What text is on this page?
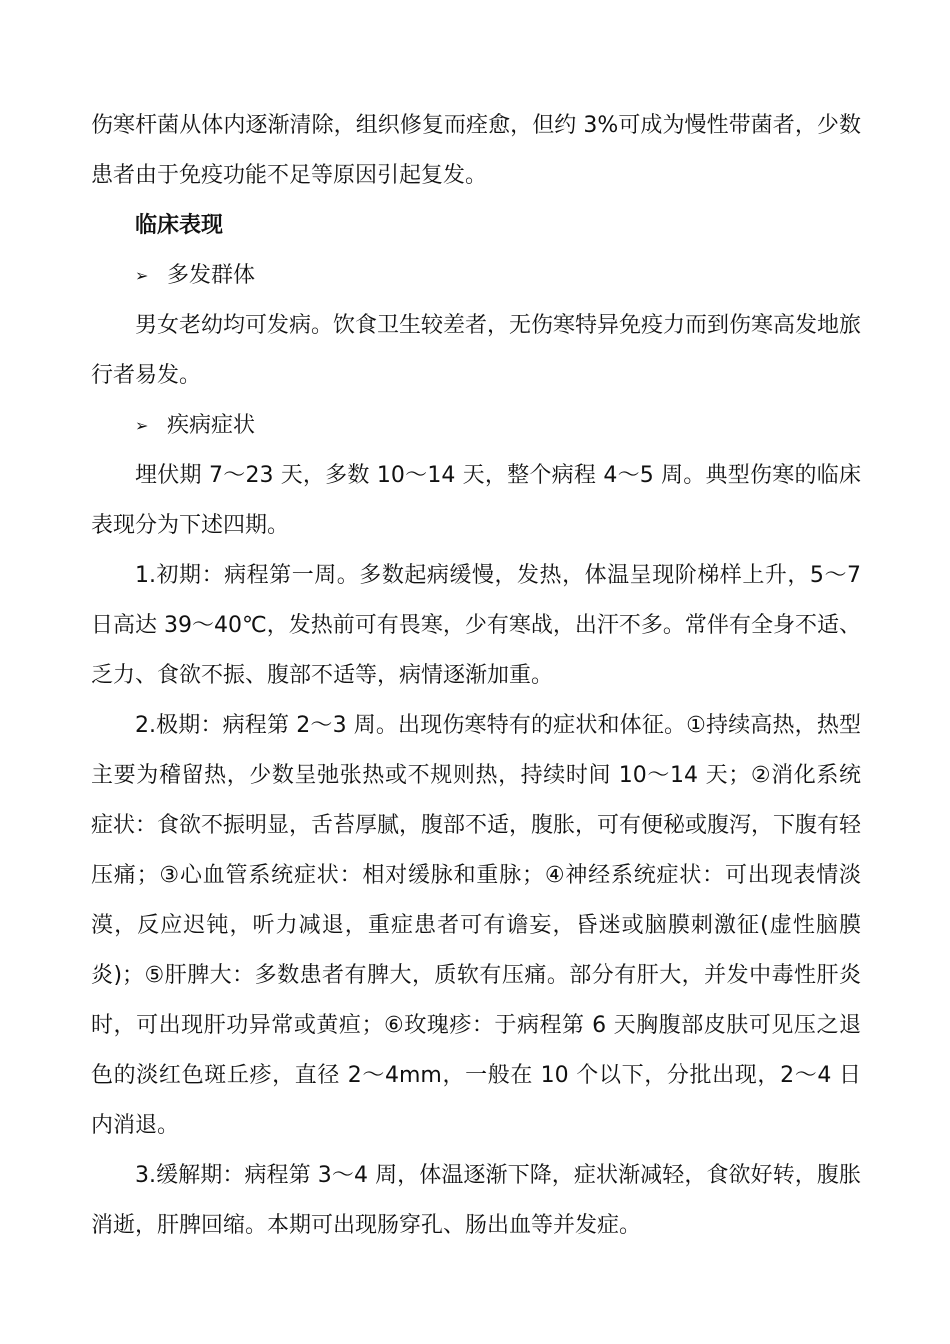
伤寒杆菌从体内逐渐清除，组织修复而痊愈，但约 3%可成为慢性带菌者，少数患者由于免疫功能不足等原因引起复发。

临床表现

➢ 多发群体

男女老幼均可发病。饮食卫生较差者，无伤寒特异免疫力而到伤寒高发地旅行者易发。

➢ 疾病症状

埋伏期 7～23 天，多数 10～14 天，整个病程 4～5 周。典型伤寒的临床表现分为下述四期。

1.初期：病程第一周。多数起病缓慢，发热，体温呈现阶梯样上升，5～7 日高达 39～40℃，发热前可有畏寒，少有寒战，出汗不多。常伴有全身不适、乏力、食欲不振、腹部不适等，病情逐渐加重。

2.极期：病程第 2～3 周。出现伤寒特有的症状和体征。①持续高热，热型主要为稽留热，少数呈弛张热或不规则热，持续时间 10～14 天；②消化系统症状：食欲不振明显，舌苔厚腻，腹部不适，腹胀，可有便秘或腹泻，下腹有轻压痛；③心血管系统症状：相对缓脉和重脉；④神经系统症状：可出现表情淡漠，反应迟钝，听力减退，重症患者可有谵妄，昏迷或脑膜刺激征(虚性脑膜炎)；⑤肝脾大：多数患者有脾大，质软有压痛。部分有肝大，并发中毒性肝炎时，可出现肝功异常或黄疸；⑥玫瑰疹：于病程第 6 天胸腹部皮肤可见压之退色的淡红色斑丘疹，直径 2～4mm，一般在 10 个以下，分批出现，2～4 日内消退。

3.缓解期：病程第 3～4 周，体温逐渐下降，症状渐减轻，食欲好转，腹胀消逝，肝脾回缩。本期可出现肠穿孔、肠出血等并发症。
